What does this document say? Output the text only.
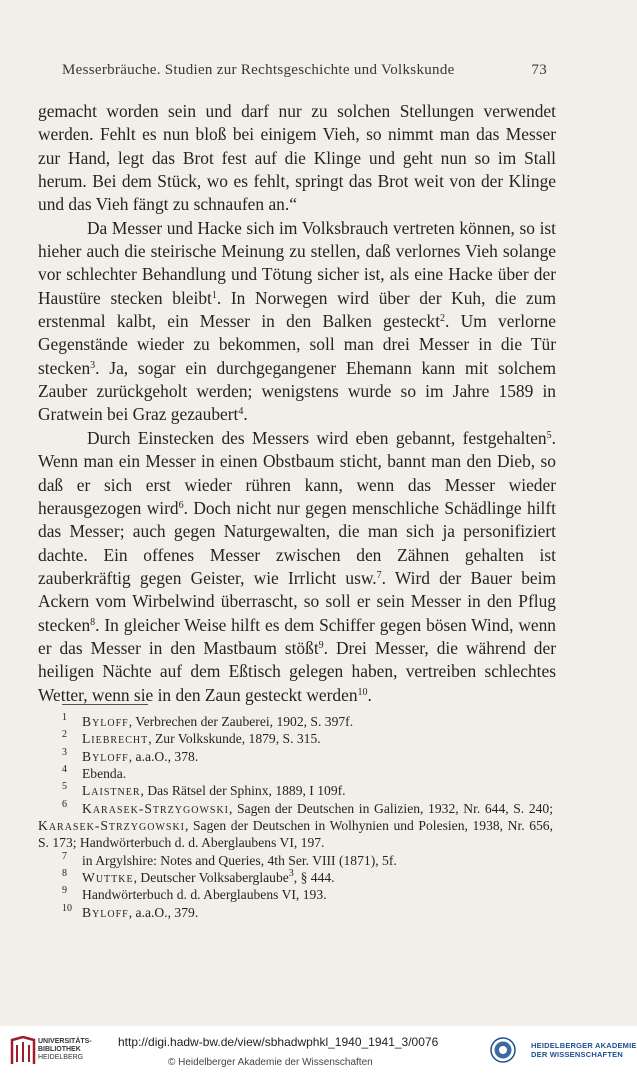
Messerbräuche. Studien zur Rechtsgeschichte und Volkskunde	73

gemacht worden sein und darf nur zu solchen Stellungen verwendet werden. Fehlt es nun bloß bei einigem Vieh, so nimmt man das Messer zur Hand, legt das Brot fest auf die Klinge und geht nun so im Stall herum. Bei dem Stück, wo es fehlt, springt das Brot weit von der Klinge und das Vieh fängt zu schnaufen an.“

Da Messer und Hacke sich im Volksbrauch vertreten können, so ist hieher auch die steirische Meinung zu stellen, daß verlornes Vieh solange vor schlechter Behandlung und Tötung sicher ist, als eine Hacke über der Haustüre stecken bleibt$^1$. In Norwegen wird über der Kuh, die zum erstenmal kalbt, ein Messer in den Balken gesteckt$^2$. Um verlorne Gegenstände wieder zu bekommen, soll man drei Messer in die Tür stecken$^3$. Ja, sogar ein durchgegangener Ehemann kann mit solchem Zauber zurückgeholt werden; wenigstens wurde so im Jahre 1589 in Gratwein bei Graz gezaubert$^4$.

Durch Einstecken des Messers wird eben gebannt, festgehalten$^5$. Wenn man ein Messer in einen Obstbaum sticht, bannt man den Dieb, so daß er sich erst wieder rühren kann, wenn das Messer wieder herausgezogen wird$^6$. Doch nicht nur gegen menschliche Schädlinge hilft das Messer; auch gegen Naturgewalten, die man sich ja personifiziert dachte. Ein offenes Messer zwischen den Zähnen gehalten ist zauberkräftig gegen Geister, wie Irrlicht usw.$^7$. Wird der Bauer beim Ackern vom Wirbelwind überrascht, so soll er sein Messer in den Pflug stecken$^8$. In gleicher Weise hilft es dem Schiffer gegen bösen Wind, wenn er das Messer in den Mastbaum stößt$^9$. Drei Messer, die während der heiligen Nächte auf dem Eßtisch gelegen haben, vertreiben schlechtes Wetter, wenn sie in den Zaun gesteckt werden$^{10}$.

$^1$ Byloff, Verbrechen der Zauberei, 1902, S. 397f.

$^2$ Liebrecht, Zur Volkskunde, 1879, S. 315.

$^3$ Byloff, a.a.O., 378.

$^4$ Ebenda.

$^5$ Laistner, Das Rätsel der Sphinx, 1889, I 109f.

$^6$ Karasek-Strzygowski, Sagen der Deutschen in Galizien, 1932, Nr. 644, S. 240; Karasek-Strzygowski, Sagen der Deutschen in Wolhynien und Polesien, 1938, Nr. 656, S. 173; Handwörterbuch d. d. Aberglaubens VI, 197.

$^7$ in Argylshire: Notes and Queries, 4th Ser. VIII (1871), 5f.

$^8$ Wuttke, Deutscher Volksaberglaube$^3$, § 444.

$^9$ Handwörterbuch d. d. Aberglaubens VI, 193.

$^{10}$ Byloff, a.a.O., 379.

UNIVERSITÄTS-
BIBLIOTHEK
HEIDELBERG
http://digi.hadw-bw.de/view/sbhadwphkl_1940_1941_3/0076
© Heidelberger Akademie der Wissenschaften
HEIDELBERGER AKADEMIE
DER WISSENSCHAFTEN
